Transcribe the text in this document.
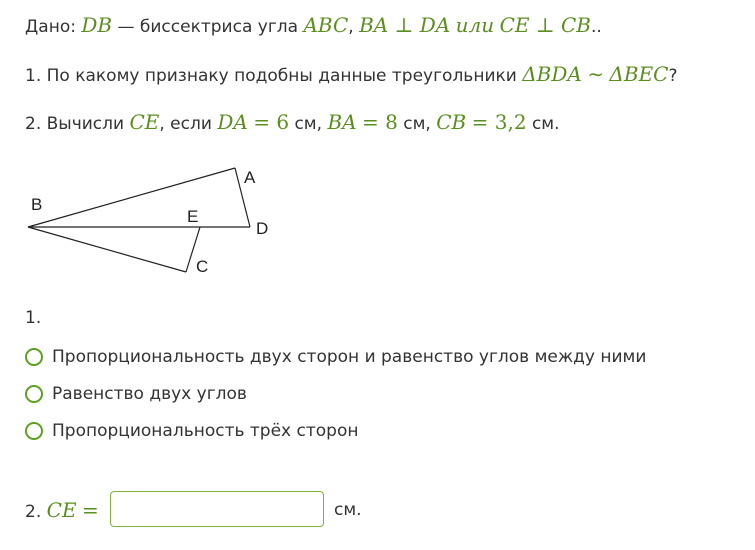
Дано: DB — биссектриса угла ABC, BA ⊥ DA или CE ⊥ CB..
1. По какому признаку подобны данные треугольники ΔBDA ∼ ΔBEC?
2. Вычисли CE, если DA = 6 см, BA = 8 см, CB = 3,2 см.
A
B
E
D
C
1.
Пропорциональность двух сторон и равенство углов между ними
Равенство двух углов
Пропорциональность трёх сторон
2. CE =	см.
